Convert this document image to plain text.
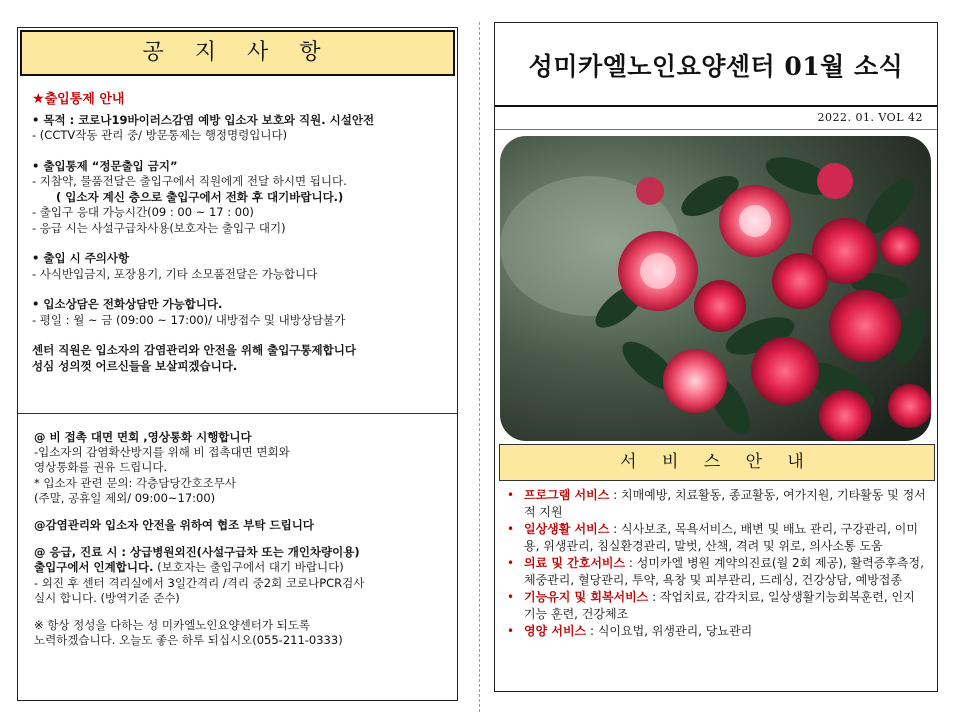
공 지 사 항

★출입통제 안내

• 목적 : 코로나19바이러스감염 예방 입소자 보호와 직원. 시설안전

- (CCTV작동 관리 중/ 방문통제는 행정명령입니다)

• 출입통제 “정문출입 금지”

- 지참약, 물품전달은 출입구에서 직원에게 전달 하시면 됩니다.

( 입소자 계신 층으로 출입구에서 전화 후 대기바랍니다.)

- 출입구 응대 가능시간(09 : 00 ~ 17 : 00)

- 응급 시는 사설구급차사용(보호자는 출입구 대기)

• 출입 시 주의사항

- 사식반입금지, 포장용기, 기타 소모품전달은 가능합니다

• 입소상담은 전화상담만 가능합니다.

- 평일 : 월 ~ 금 (09:00 ~ 17:00)/ 내방접수 및 내방상담불가

센터 직원은 입소자의 감염관리와 안전을 위해 출입구통제합니다

성심 성의껏 어르신들을 보살피겠습니다.

@ 비 접촉 대면 면회 ,영상통화 시행합니다

-입소자의 감염확산방지를 위해 비 접촉대면 면회와

영상통화를 권유 드립니다.

* 입소자 관련 문의: 각층담당간호조무사

(주말, 공휴일 제외/ 09:00~17:00)

@감염관리와 입소자 안전을 위하여 협조 부탁 드립니다

@ 응급, 진료 시 : 상급병원외진(사설구급차 또는 개인차량이용)

출입구에서 인계합니다. (보호자는 출입구에서 대기 바랍니다)

- 외진 후 센터 격리실에서 3일간격리 /격리 중2회 코로나PCR검사

실시 합니다. (방역기준 준수)

※ 항상 정성을 다하는 성 미카엘노인요양센터가 되도록

노력하겠습니다. 오늘도 좋은 하루 되십시오(055-211-0333)

성미카엘노인요양센터 01월 소식
2022. 01. VOL 42
서 비 스 안 내
• 프로그램 서비스 : 치매예방, 치료활동, 종교활동, 여가지원, 기타활동 및 정서적 지원
• 일상생활 서비스 : 식사보조, 목욕서비스, 배변 및 배뇨 관리, 구강관리, 이미용, 위생관리, 침실환경관리, 말벗, 산책, 격려 및 위로, 의사소통 도움
• 의료 및 간호서비스 : 성미카엘 병원 계약의진료(월 2회 제공), 활력증후측정, 체중관리, 혈당관리, 투약, 욕창 및 피부관리, 드레싱, 건강상담, 예방접종
• 기능유지 및 회복서비스 : 작업치료, 감각치료, 일상생활기능회복훈련, 인지 기능 훈련, 건강체조
• 영양 서비스 : 식이요법, 위생관리, 당뇨관리
